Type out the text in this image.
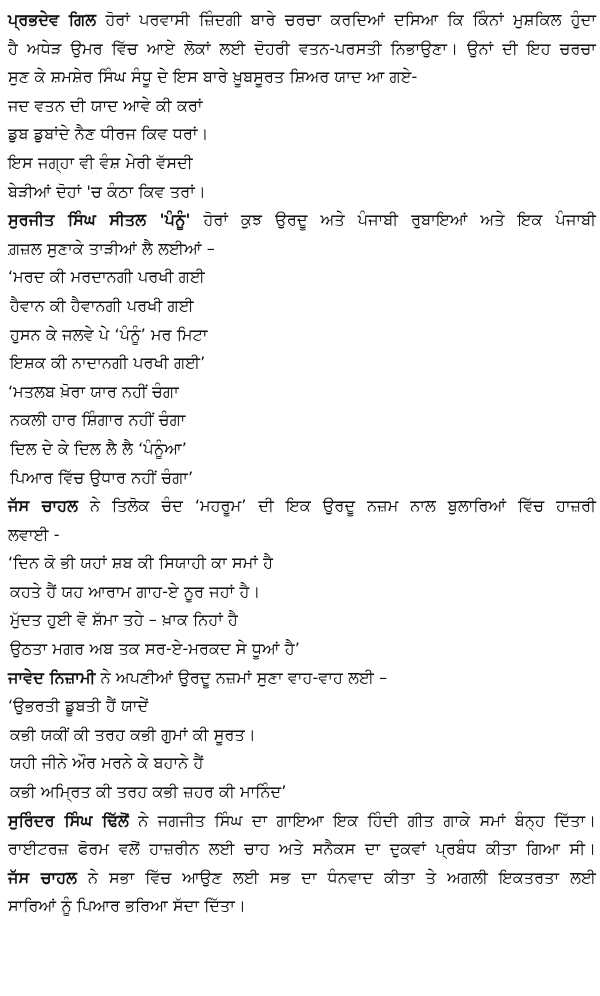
ਪ੍ਰਭਦੇਵ ਗਿਲ ਹੋਰਾਂ ਪਰਵਾਸੀ ਜ਼ਿੰਦਗੀ ਬਾਰੇ ਚਰਚਾ ਕਰਦਿਆਂ ਦਸਿਆ ਕਿ ਕਿੰਨਾਂ ਮੁਸ਼ਕਿਲ ਹੁੰਦਾ
ਹੈ ਅਧੇੜ ਉਮਰ ਵਿੱਚ ਆਏ ਲੋਕਾਂ ਲਈ ਦੋਹਰੀ ਵਤਨ-ਪਰਸਤੀ ਨਿਭਾਉਣਾ। ਉਨਾਂ ਦੀ ਇਹ ਚਰਚਾ
ਸੁਣ ਕੇ ਸ਼ਮਸ਼ੇਰ ਸਿੰਘ ਸੰਧੂ ਦੇ ਇਸ ਬਾਰੇ ਖ਼ੂਬਸੂਰਤ ਸ਼ਿਅਰ ਯਾਦ ਆ ਗਏ-
ਜਦ ਵਤਨ ਦੀ ਯਾਦ ਆਵੇ ਕੀ ਕਰਾਂ
ਡੁਬ ਡੁਬਾਂਦੇ ਨੈਣ ਧੀਰਜ ਕਿਵ ਧਰਾਂ।
ਇਸ ਜਗ੍ਹਾ ਵੀ ਵੰਸ਼ ਮੇਰੀ ਵੱਸਦੀ
ਬੇੜੀਆਂ ਦੋਹਾਂ 'ਚ ਕੰਠਾ ਕਿਵ ਤਰਾਂ।
ਸੁਰਜੀਤ ਸਿੰਘ ਸੀਤਲ 'ਪੰਨੂੰ' ਹੋਰਾਂ ਕੁਝ ਉਰਦੂ ਅਤੇ ਪੰਜਾਬੀ ਰੁਬਾਇਆਂ ਅਤੇ ਇਕ ਪੰਜਾਬੀ
ਗ਼ਜ਼ਲ ਸੁਣਾਕੇ ਤਾੜੀਆਂ ਲੈ ਲਈਆਂ –
‘ਮਰਦ ਕੀ ਮਰਦਾਨਗੀ ਪਰਖੀ ਗਈ
ਹੈਵਾਨ ਕੀ ਹੈਵਾਨਗੀ ਪਰਖੀ ਗਈ
ਹੁਸਨ ਕੇ ਜਲਵੇ ਪੇ ‘ਪੰਨੂੰ’ ਮਰ ਮਿਟਾ
ਇਸ਼ਕ ਕੀ ਨਾਦਾਨਗੀ ਪਰਖੀ ਗਈ’
‘ਮਤਲਬ ਖ਼ੋਰਾ ਯਾਰ ਨਹੀਂ ਚੰਗਾ
ਨਕਲੀ ਹਾਰ ਸ਼ਿੰਗਾਰ ਨਹੀਂ ਚੰਗਾ
ਦਿਲ ਦੇ ਕੇ ਦਿਲ ਲੈ ਲੈ ‘ਪੰਨੂੰਆ’
ਪਿਆਰ ਵਿੱਚ ਉਧਾਰ ਨਹੀਂ ਚੰਗਾ’
ਜੱਸ ਚਾਹਲ ਨੇ ਤਿਲੋਕ ਚੰਦ ‘ਮਹਰੂਮ’ ਦੀ ਇਕ ਉਰਦੂ ਨਜ਼ਮ ਨਾਲ ਬੁਲਾਰਿਆਂ ਵਿੱਚ ਹਾਜ਼ਰੀ
ਲਵਾਈ -
‘ਦਿਨ ਕੋ ਭੀ ਯਹਾਂ ਸ਼ਬ ਕੀ ਸਿਯਾਹੀ ਕਾ ਸਮਾਂ ਹੈ
ਕਹਤੇ ਹੈਂ ਯਹ ਆਰਾਮ ਗਾਹ-ਏ ਨੂਰ ਜਹਾਂ ਹੈ।
ਮੁੱਦਤ ਹੁਈ ਵੋ ਸ਼ੱਮਾ ਤਹੇ – ਖ਼ਾਕ ਨਿਹਾਂ ਹੈ
ਉਠਤਾ ਮਗਰ ਅਬ ਤਕ ਸਰ-ਏ-ਮਰਕਦ ਸੇ ਧੂਆਂ ਹੈ’
ਜਾਵੇਦ ਨਿਜ਼ਾਮੀ ਨੇ ਅਪਣੀਆਂ ਉਰਦੂ ਨਜ਼ਮਾਂ ਸੁਣਾ ਵਾਹ-ਵਾਹ ਲਈ –
‘ਉਭਰਤੀ ਡੂਬਤੀ ਹੈਂ ਯਾਦੇਂ
ਕਭੀ ਯਕੀਂ ਕੀ ਤਰਹ ਕਭੀ ਗੁਮਾਂ ਕੀ ਸੂਰਤ।
ਯਹੀ ਜੀਨੇ ਔਰ ਮਰਨੇ ਕੇ ਬਹਾਨੇ ਹੈਂ
ਕਭੀ ਅਮ੍ਰਿਤ ਕੀ ਤਰਹ ਕਭੀ ਜ਼ਹਰ ਕੀ ਮਾਨਿੰਦ’
ਸੁਰਿੰਦਰ ਸਿੰਘ ਢਿੱਲੋਂ ਨੇ ਜਗਜੀਤ ਸਿੰਘ ਦਾ ਗਾਇਆ ਇਕ ਹਿੰਦੀ ਗੀਤ ਗਾਕੇ ਸਮਾਂ ਬੰਨ੍ਹ ਦਿੱਤਾ।
ਰਾਈਟਰਜ਼ ਫੋਰਮ ਵਲੋਂ ਹਾਜ਼ਰੀਨ ਲਈ ਚਾਹ ਅਤੇ ਸਨੈਕਸ ਦਾ ਦੁਕਵਾਂ ਪ੍ਰਬੰਧ ਕੀਤਾ ਗਿਆ ਸੀ।
ਜੱਸ ਚਾਹਲ ਨੇ ਸਭਾ ਵਿੱਚ ਆਉਣ ਲਈ ਸਭ ਦਾ ਧੰਨਵਾਦ ਕੀਤਾ ਤੇ ਅਗਲੀ ਇਕਤਰਤਾ ਲਈ
ਸਾਰਿਆਂ ਨੂੰ ਪਿਆਰ ਭਰਿਆ ਸੱਦਾ ਦਿੱਤਾ।
